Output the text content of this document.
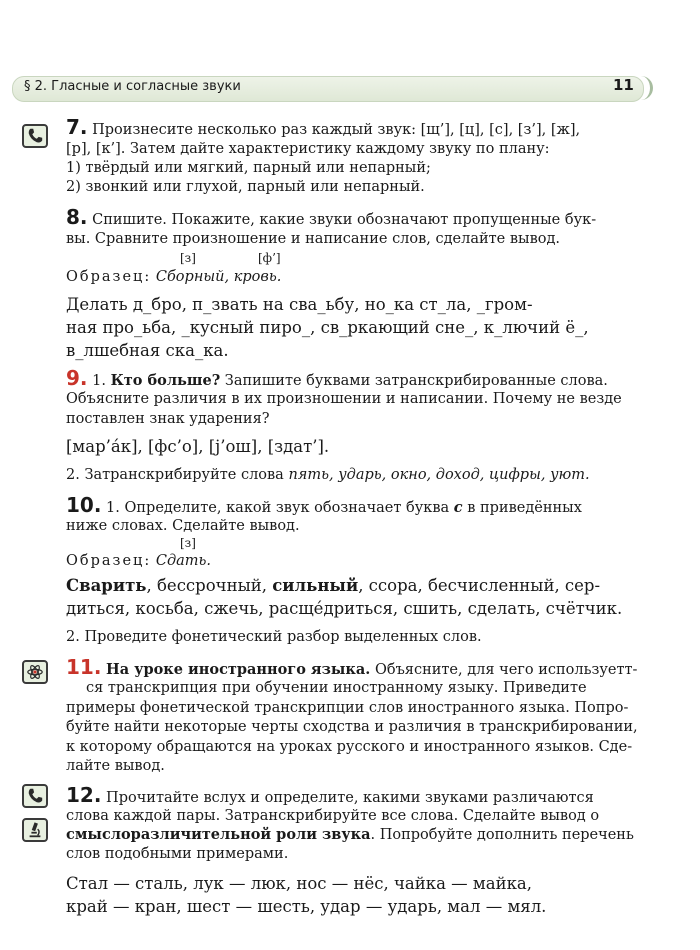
§ 2. Гласные и согласные звуки	11
7. Произнесите несколько раз каждый звук: [щ’], [ц], [с], [з’], [ж],
[р], [к’]. Затем дайте характеристику каждому звуку по плану:
1) твёрдый или мягкий, парный или непарный;
2) звонкий или глухой, парный или непарный.
8. Спишите. Покажите, какие звуки обозначают пропущенные бук-
вы. Сравните произношение и написание слов, сделайте вывод.
[з]	[ф’]
Образец: Сборный, кровь.
Делать д_бро, п_звать на сва_ьбу, но_ка ст_ла, _гром-
ная про_ьба, _кусный пиро_, св_ркающий сне_, к_лючий ё_,
в_лшебная ска_ка.
9. 1. Кто больше? Запишите буквами затранскрибированные слова.
Объясните различия в их произношении и написании. Почему не везде
поставлен знак ударения?
[мар’а́к], [фс’о], [j’ош], [здат’].
2. Затранскрибируйте слова пять, ударь, окно, доход, цифры, уют.
10. 1. Определите, какой звук обозначает буква с в приведённых
ниже словах. Сделайте вывод.
[з]
Образец: Сдать.
Сварить, бессрочный, сильный, ссора, бесчисленный, сер-
диться, косьба, сжечь, расще́дриться, сшить, сделать, счётчик.
2. Проведите фонетический разбор выделенных слов.
11. На уроке иностранного языка. Объясните, для чего используетт-
ся транскрипция при обучении иностранному языку. Приведите
примеры фонетической транскрипции слов иностранного языка. Попро-
буйте найти некоторые черты сходства и различия в транскрибировании,
к которому обращаются на уроках русского и иностранного языков. Сде-
лайте вывод.
12. Прочитайте вслух и определите, какими звуками различаются
слова каждой пары. Затранскрибируйте все слова. Сделайте вывод о
смыслоразличительной роли звука. Попробуйте дополнить перечень
слов подобными примерами.
Стал — сталь, лук — люк, нос — нёс, чайка — майка,
край — кран, шест — шесть, удар — ударь, мал — мял.
